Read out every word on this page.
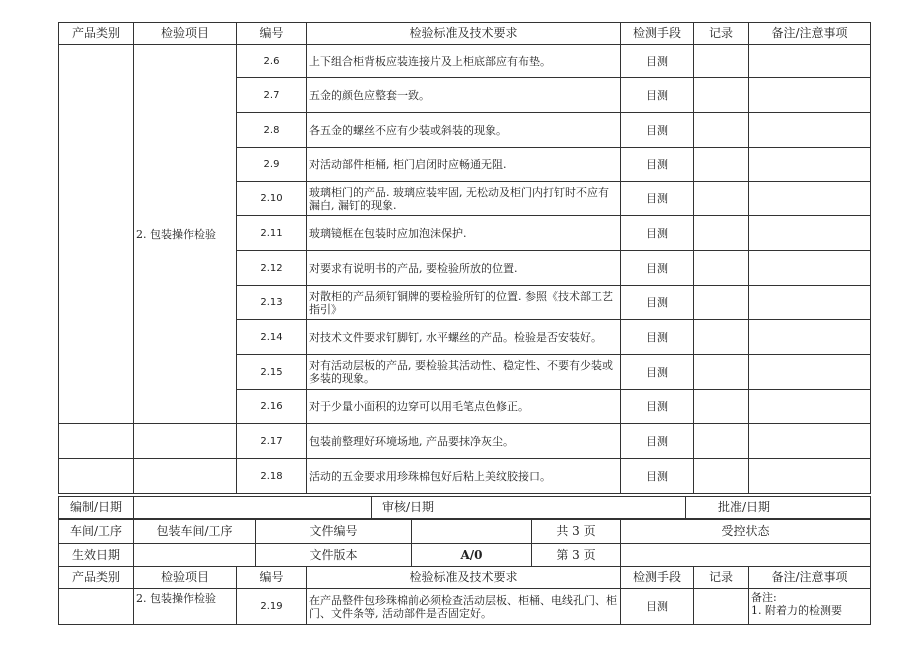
产品类别	检验项目	编号	检验标准及技术要求	检测手段	记录	备注/注意事项
	2. 包装操作检验	2.6	上下组合柜背板应装连接片及上柜底部应有布垫。	目测		
		2.7	五金的颜色应整套一致。	目测		
		2.8	各五金的螺丝不应有少装或斜装的现象。	目测		
		2.9	对活动部件柜桶, 柜门启闭时应畅通无阻.	目测		
		2.10	玻璃柜门的产品. 玻璃应装牢固, 无松动及柜门内打钉时不应有漏白, 漏钉的现象.	目测		
		2.11	玻璃镜框在包装时应加泡沫保护.	目测		
		2.12	对要求有说明书的产品, 要检验所放的位置.	目测		
		2.13	对散柜的产品须钉铜牌的要检验所钉的位置. 参照《技术部工艺指引》	目测		
		2.14	对技术文件要求钉脚钉, 水平螺丝的产品。检验是否安装好。	目测		
		2.15	对有活动层板的产品, 要检验其活动性、稳定性、不要有少装或多装的现象。	目测		
		2.16	对于少量小面积的边穿可以用毛笔点色修正。	目测		
		2.17	包装前整理好环境场地, 产品要抹净灰尘。	目测		
		2.18	活动的五金要求用珍珠棉包好后粘上美纹胶接口。	目测		
编制/日期		审核/日期	批准/日期
车间/工序	包装车间/工序	文件编号		共 3 页	受控状态
生效日期		文件版本	A/0	第 3 页	
产品类别	检验项目	编号	检验标准及技术要求	检测手段	记录	备注/注意事项
	2. 包装操作检验	2.19	在产品整件包珍珠棉前必须检查活动层板、柜桶、电线孔门、柜门、文件条等, 活动部件是否固定好。	目测		备注:
1. 附着力的检测要
